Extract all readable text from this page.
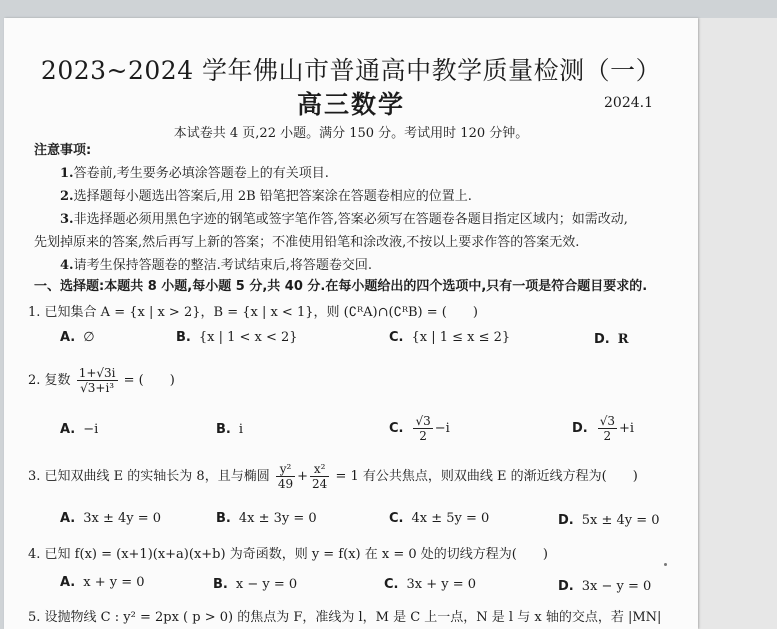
2023~2024 学年佛山市普通高中教学质量检测（一）
高三数学	2024.1
本试卷共 4 页,22 小题。满分 150 分。考试用时 120 分钟。
注意事项:
1.答卷前,考生要务必填涂答题卷上的有关项目.
2.选择题每小题选出答案后,用 2B 铅笔把答案涂在答题卷相应的位置上.
3.非选择题必须用黑色字迹的钢笔或签字笔作答,答案必须写在答题卷各题目指定区域内；如需改动,
先划掉原来的答案,然后再写上新的答案；不准使用铅笔和涂改液,不按以上要求作答的答案无效.
4.请考生保持答题卷的整洁.考试结束后,将答题卷交回.
一、选择题:本题共 8 小题,每小题 5 分,共 40 分.在每小题给出的四个选项中,只有一项是符合题目要求的.
1. 已知集合 A = {x | x > 2}，B = {x | x < 1}，则 (∁ᴿA)∩(∁ᴿB) = (　　)
A. ∅	B. {x | 1 < x < 2}	C. {x | 1 ≤ x ≤ 2}	D. R
2. 复数 $\frac{1+√3i}{\text{√3+i³}}$ = (　　)
A. −i	B. i	C. $\frac{√3}{2} -i$	D. $\frac{√3}{2} +i$
3. 已知双曲线 E 的实轴长为 8，且与椭圆 $\frac{\text{y²}}{49} + \frac{\text{x²}}{24} = 1$ 有公共焦点，则双曲线 E 的渐近线方程为(　　)
A. 3x ± 4y = 0	B. 4x ± 3y = 0	C. 4x ± 5y = 0	D. 5x ± 4y = 0
4. 已知 f(x) = (x+1)(x+a)(x+b) 为奇函数，则 y = f(x) 在 x = 0 处的切线方程为(　　)
A. x + y = 0	B. x − y = 0	C. 3x + y = 0	D. 3x − y = 0
5. 设抛物线 C : y² = 2px ( p > 0) 的焦点为 F，准线为 l，M 是 C 上一点，N 是 l 与 x 轴的交点，若 |MN|
